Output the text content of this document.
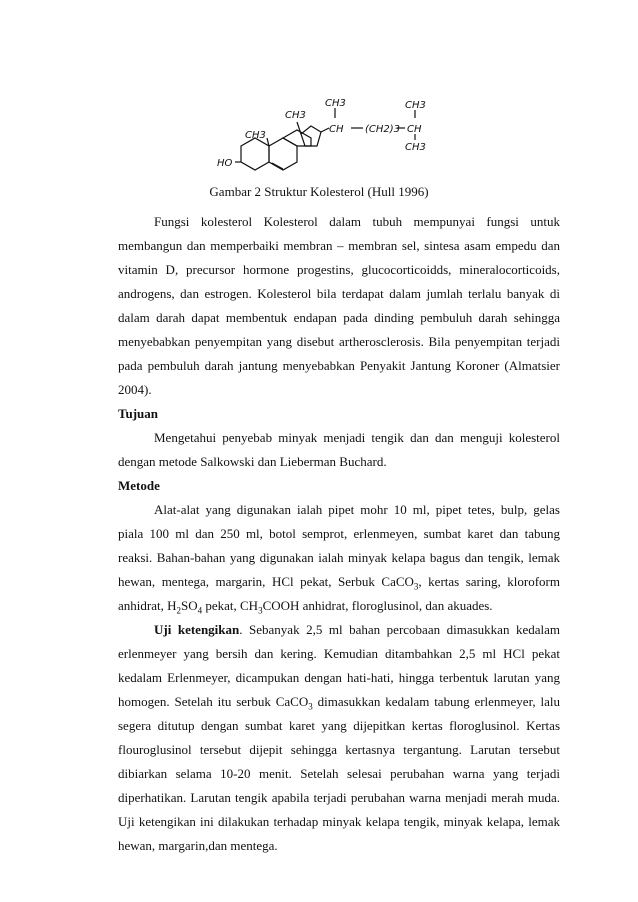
CH3
CH3
CH3
CH (CH2)3
CH3
CH
CH3
HO
Gambar 2 Struktur Kolesterol (Hull 1996)
Fungsi kolesterol Kolesterol dalam tubuh mempunyai fungsi untuk
membangun dan memperbaiki membran – membran sel, sintesa asam empedu dan
vitamin D, precursor hormone progestins, glucocorticoidds, mineralocorticoids,
androgens, dan estrogen. Kolesterol bila terdapat dalam jumlah terlalu banyak di
dalam darah dapat membentuk endapan pada dinding pembuluh darah sehingga
menyebabkan penyempitan yang disebut artherosclerosis. Bila penyempitan terjadi
pada pembuluh darah jantung menyebabkan Penyakit Jantung Koroner (Almatsier
2004).
Tujuan
Mengetahui penyebab minyak menjadi tengik dan dan menguji kolesterol
dengan metode Salkowski dan Lieberman Buchard.
Metode
Alat-alat yang digunakan ialah pipet mohr 10 ml, pipet tetes, bulp, gelas
piala 100 ml dan 250 ml, botol semprot, erlenmeyen, sumbat karet dan tabung
reaksi. Bahan-bahan yang digunakan ialah minyak kelapa bagus dan tengik, lemak
hewan, mentega, margarin, HCl pekat, Serbuk CaCO$_3$, kertas saring, kloroform
anhidrat, $H_2SO_4$ pekat, $CH_3COOH$ anhidrat, floroglusinol, dan akuades.
Uji ketengikan. Sebanyak 2,5 ml bahan percobaan dimasukkan kedalam
erlenmeyer yang bersih dan kering. Kemudian ditambahkan 2,5 ml HCl pekat
kedalam Erlenmeyer, dicampukan dengan hati-hati, hingga terbentuk larutan yang
homogen. Setelah itu serbuk CaCO$_3$ dimasukkan kedalam tabung erlenmeyer, lalu
segera ditutup dengan sumbat karet yang dijepitkan kertas floroglusinol. Kertas
flouroglusinol tersebut dijepit sehingga kertasnya tergantung. Larutan tersebut
dibiarkan selama 10-20 menit. Setelah selesai perubahan warna yang terjadi
diperhatikan. Larutan tengik apabila terjadi perubahan warna menjadi merah muda.
Uji ketengikan ini dilakukan terhadap minyak kelapa tengik, minyak kelapa, lemak
hewan, margarin,dan mentega.
